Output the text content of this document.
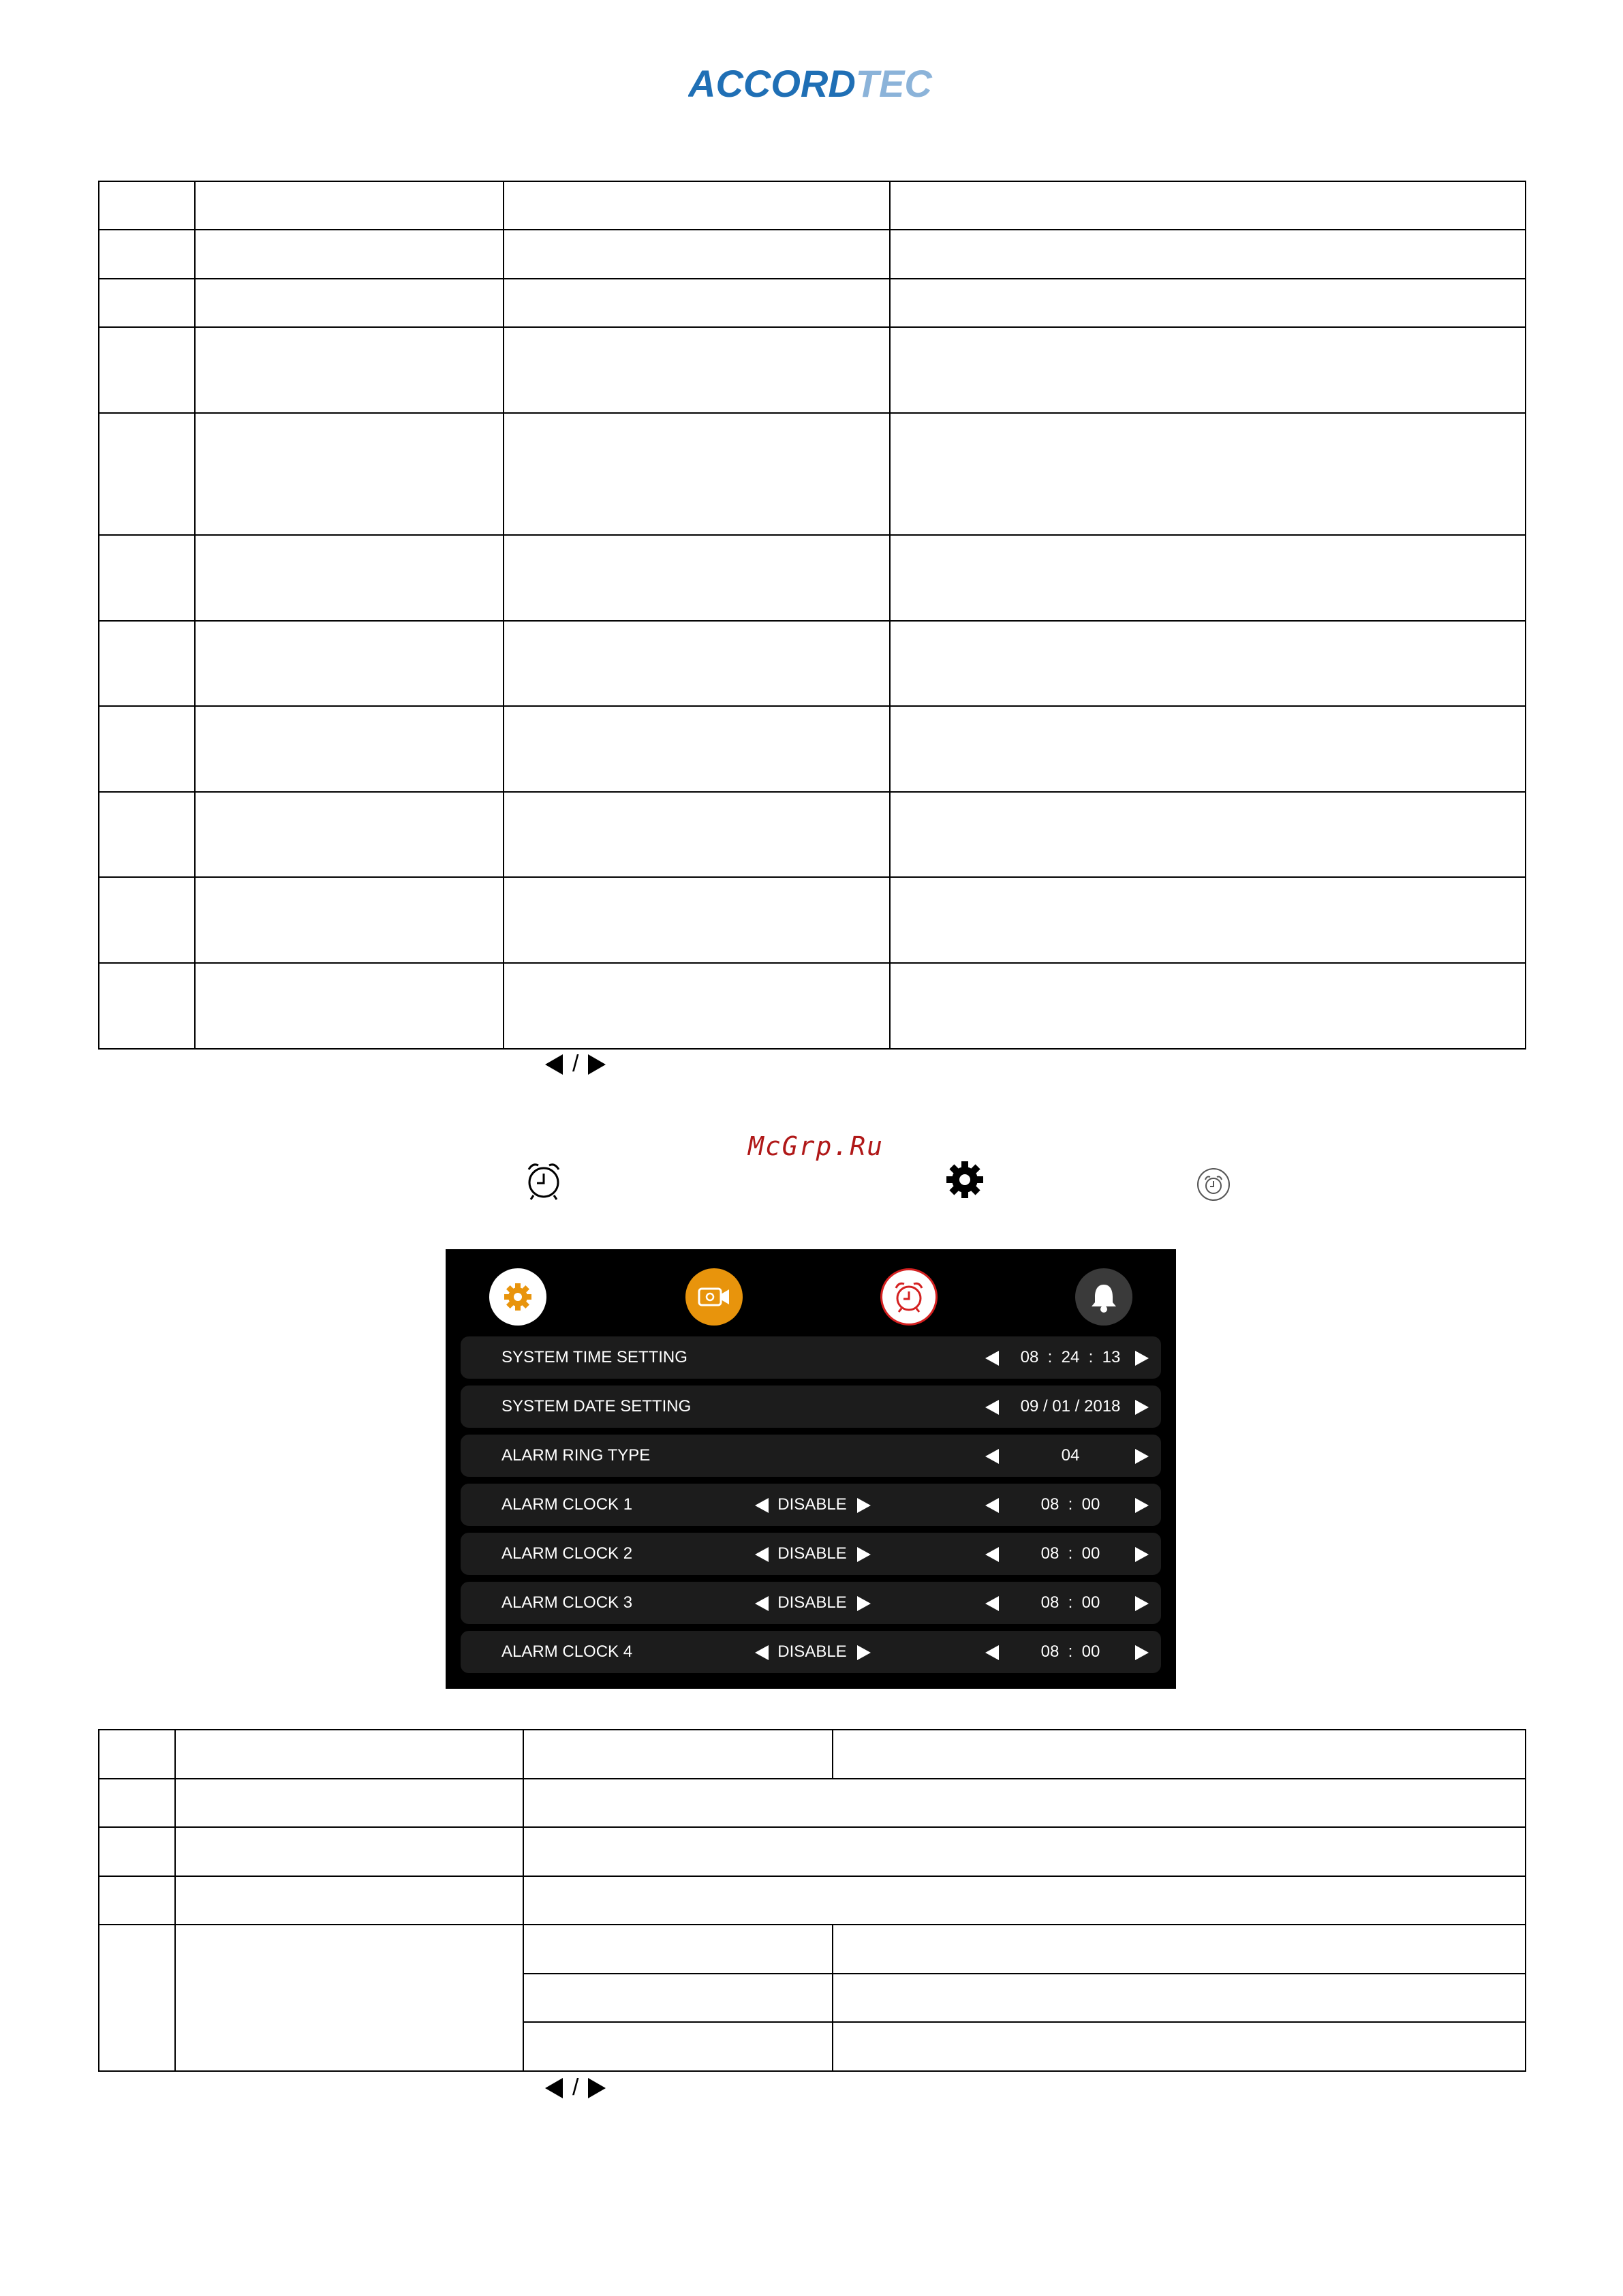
ACCORDTEC

/
McGrp.Ru
SYSTEM TIME SETTING	08  :  24  :  13
SYSTEM DATE SETTING	09 / 01 / 2018
ALARM RING TYPE	04
ALARM CLOCK 1	DISABLE	08  :  00
ALARM CLOCK 2	DISABLE	08  :  00
ALARM CLOCK 3	DISABLE	08  :  00
ALARM CLOCK 4	DISABLE	08  :  00

/
